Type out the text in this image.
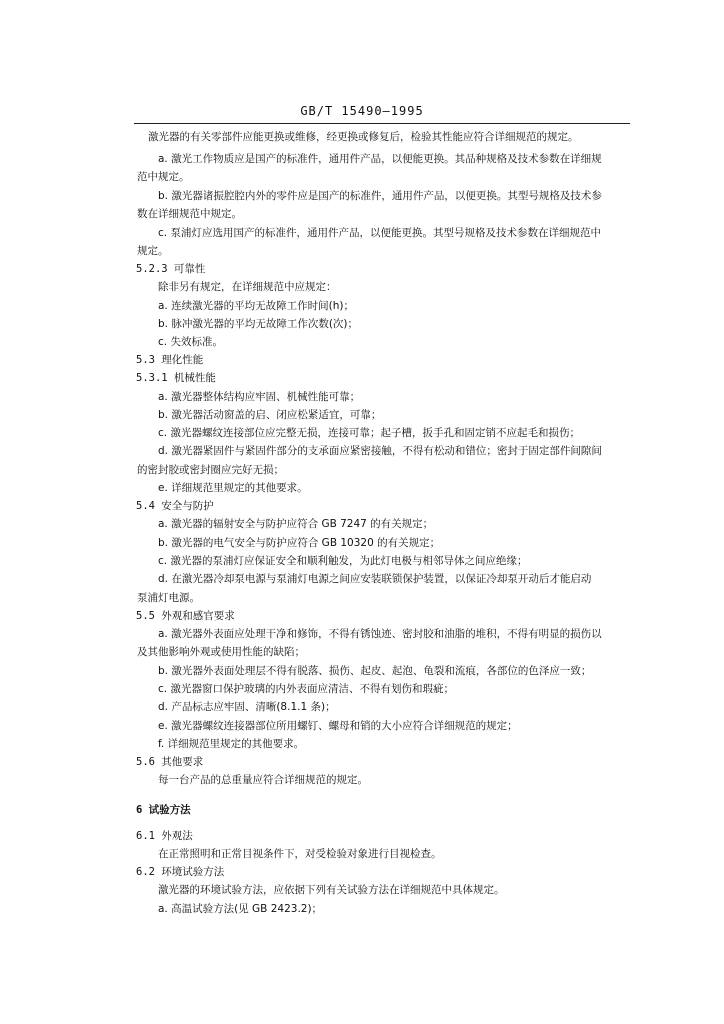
GB/T 15490—1995
激光器的有关零部件应能更换或维修，经更换或修复后，检验其性能应符合详细规范的规定。
a. 激光工作物质应是国产的标准件，通用件产品，以便能更换。其品种规格及技术参数在详细规
范中规定。
b. 激光器诸振腔腔内外的零件应是国产的标准件，通用件产品，以便更换。其型号规格及技术参
数在详细规范中规定。
c. 泵浦灯应选用国产的标准件，通用件产品，以便能更换。其型号规格及技术参数在详细规范中
规定。
5.2.3 可靠性
除非另有规定，在详细规范中应规定：
a. 连续激光器的平均无故障工作时间(h)；
b. 脉冲激光器的平均无故障工作次数(次)；
c. 失效标准。
5.3 理化性能
5.3.1 机械性能
a. 激光器整体结构应牢固、机械性能可靠；
b. 激光器活动窗盖的启、闭应松紧适宜，可靠；
c. 激光器螺纹连接部位应完整无损，连接可靠；起子槽，扳手孔和固定销不应起毛和损伤；
d. 激光器紧固件与紧固件部分的支承面应紧密接触，不得有松动和错位；密封于固定部件间隙间
的密封胶或密封圈应完好无损；
e. 详细规范里规定的其他要求。
5.4 安全与防护
a. 激光器的辐射安全与防护应符合 GB 7247 的有关规定；
b. 激光器的电气安全与防护应符合 GB 10320 的有关规定；
c. 激光器的泵浦灯应保证安全和顺利触发，为此灯电极与相邻导体之间应绝缘；
d. 在激光器冷却泵电源与泵浦灯电源之间应安装联锁保护装置，以保证冷却泵开动后才能启动
泵浦灯电源。
5.5 外观和感官要求
a. 激光器外表面应处理干净和修饰，不得有锈蚀迹、密封胶和油脂的堆积，不得有明显的损伤以
及其他影响外观或使用性能的缺陷；
b. 激光器外表面处理层不得有脱落、损伤、起皮、起泡、龟裂和流痕，各部位的色泽应一致；
c. 激光器窗口保护玻璃的内外表面应清洁、不得有划伤和瑕疵；
d. 产品标志应牢固、清晰(8.1.1 条)；
e. 激光器螺纹连接器部位所用螺钉、螺母和销的大小应符合详细规范的规定；
f. 详细规范里规定的其他要求。
5.6 其他要求
每一台产品的总重量应符合详细规范的规定。
6 试验方法
6.1 外观法
在正常照明和正常目视条件下，对受检验对象进行目视检查。
6.2 环境试验方法
激光器的环境试验方法，应依据下列有关试验方法在详细规范中具体规定。
a. 高温试验方法(见 GB 2423.2)；
